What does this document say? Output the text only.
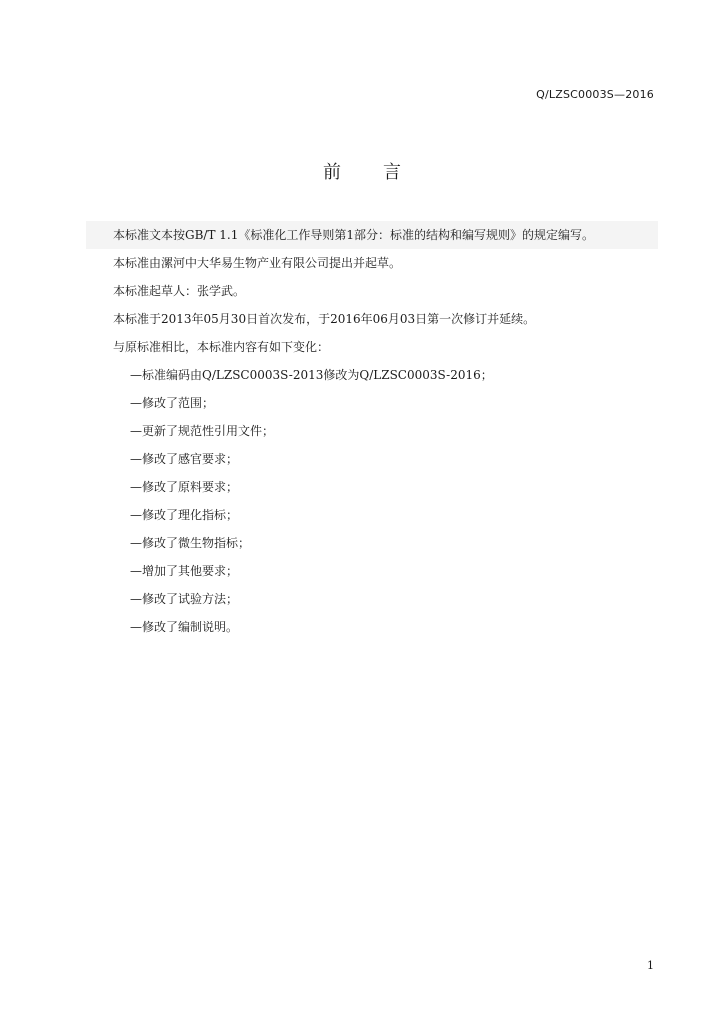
Q/LZSC0003S—2016
前言
本标准文本按GB/T 1.1《标准化工作导则第1部分：标准的结构和编写规则》的规定编写。
本标准由漯河中大华易生物产业有限公司提出并起草。
本标准起草人：张学武。
本标准于2013年05月30日首次发布，于2016年06月03日第一次修订并延续。
与原标准相比，本标准内容有如下变化：
—标准编码由Q/LZSC0003S-2013修改为Q/LZSC0003S-2016；
—修改了范围；
—更新了规范性引用文件；
—修改了感官要求；
—修改了原料要求；
—修改了理化指标；
—修改了微生物指标；
—增加了其他要求；
—修改了试验方法；
—修改了编制说明。
1
